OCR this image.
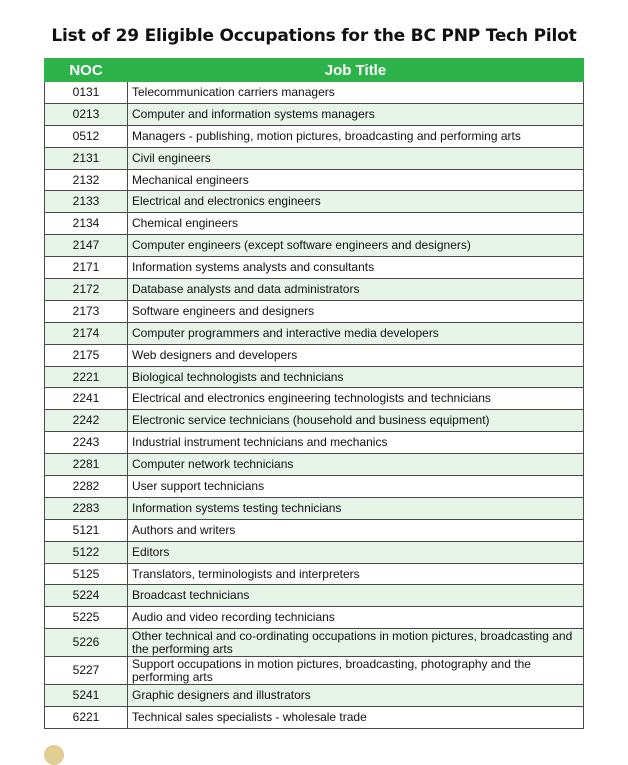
List of 29 Eligible Occupations for the BC PNP Tech Pilot
NOC	Job Title
0131	Telecommunication carriers managers
0213	Computer and information systems managers
0512	Managers - publishing, motion pictures, broadcasting and performing arts
2131	Civil engineers
2132	Mechanical engineers
2133	Electrical and electronics engineers
2134	Chemical engineers
2147	Computer engineers (except software engineers and designers)
2171	Information systems analysts and consultants
2172	Database analysts and data administrators
2173	Software engineers and designers
2174	Computer programmers and interactive media developers
2175	Web designers and developers
2221	Biological technologists and technicians
2241	Electrical and electronics engineering technologists and technicians
2242	Electronic service technicians (household and business equipment)
2243	Industrial instrument technicians and mechanics
2281	Computer network technicians
2282	User support technicians
2283	Information systems testing technicians
5121	Authors and writers
5122	Editors
5125	Translators, terminologists and interpreters
5224	Broadcast technicians
5225	Audio and video recording technicians
5226	Other technical and co-ordinating occupations in motion pictures, broadcasting and the performing arts
5227	Support occupations in motion pictures, broadcasting, photography and the performing arts
5241	Graphic designers and illustrators
6221	Technical sales specialists - wholesale trade
